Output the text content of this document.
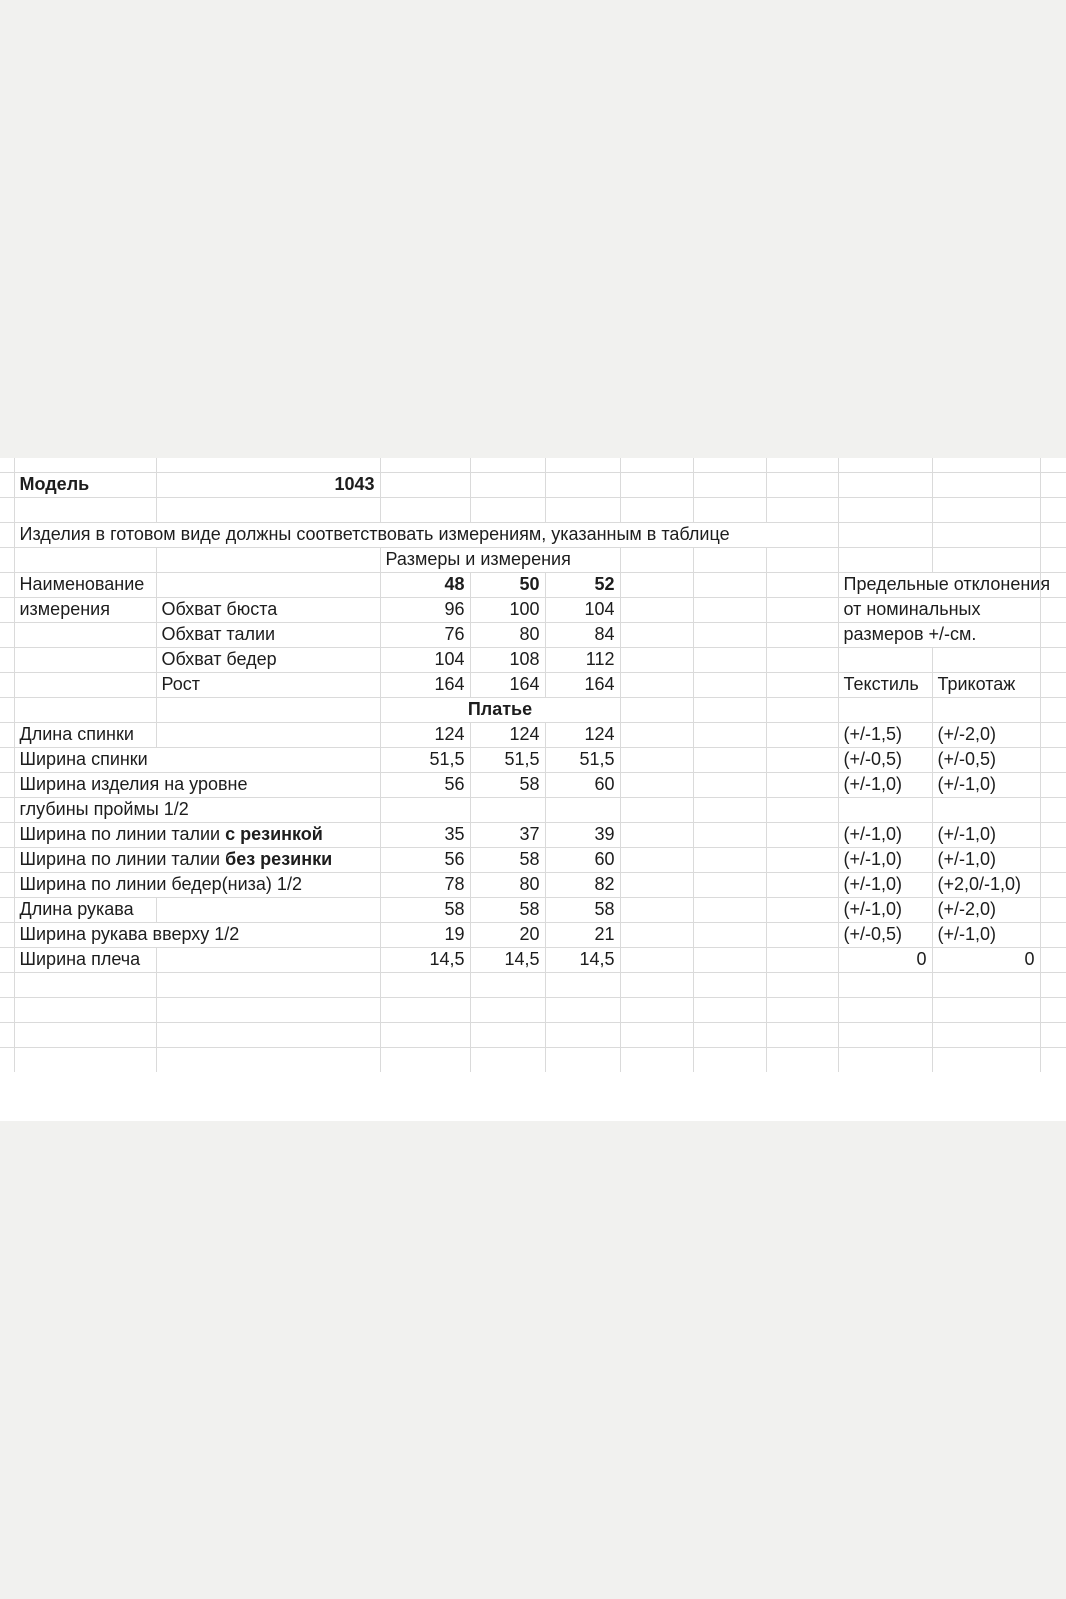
	Модель	1043									

	Изделия в готовом виде должны соответствовать измерениям, указанным в таблице										
			Размеры и измерения								
	Наименование		48	50	52				Предельные отклонения		
	измерения	Обхват бюста	96	100	104				от номинальных		
		Обхват талии	76	80	84				размеров +/-см.		
		Обхват бедер	104	108	112						
		Рост	164	164	164				Текстиль	Трикотаж	
			Платье								
	Длина спинки		124	124	124				(+/-1,5)	(+/-2,0)	
	Ширина спинки		51,5	51,5	51,5				(+/-0,5)	(+/-0,5)	
	Ширина изделия на уровне		56	58	60				(+/-1,0)	(+/-1,0)	
	глубины проймы 1/2										
	Ширина по линии талии с резинкой		35	37	39				(+/-1,0)	(+/-1,0)	
	Ширина по линии талии без резинки		56	58	60				(+/-1,0)	(+/-1,0)	
	Ширина по линии бедер(низа) 1/2		78	80	82				(+/-1,0)	(+2,0/-1,0)	
	Длина рукава		58	58	58				(+/-1,0)	(+/-2,0)	
	Ширина рукава вверху 1/2		19	20	21				(+/-0,5)	(+/-1,0)	
	Ширина плеча		14,5	14,5	14,5				0	0	
